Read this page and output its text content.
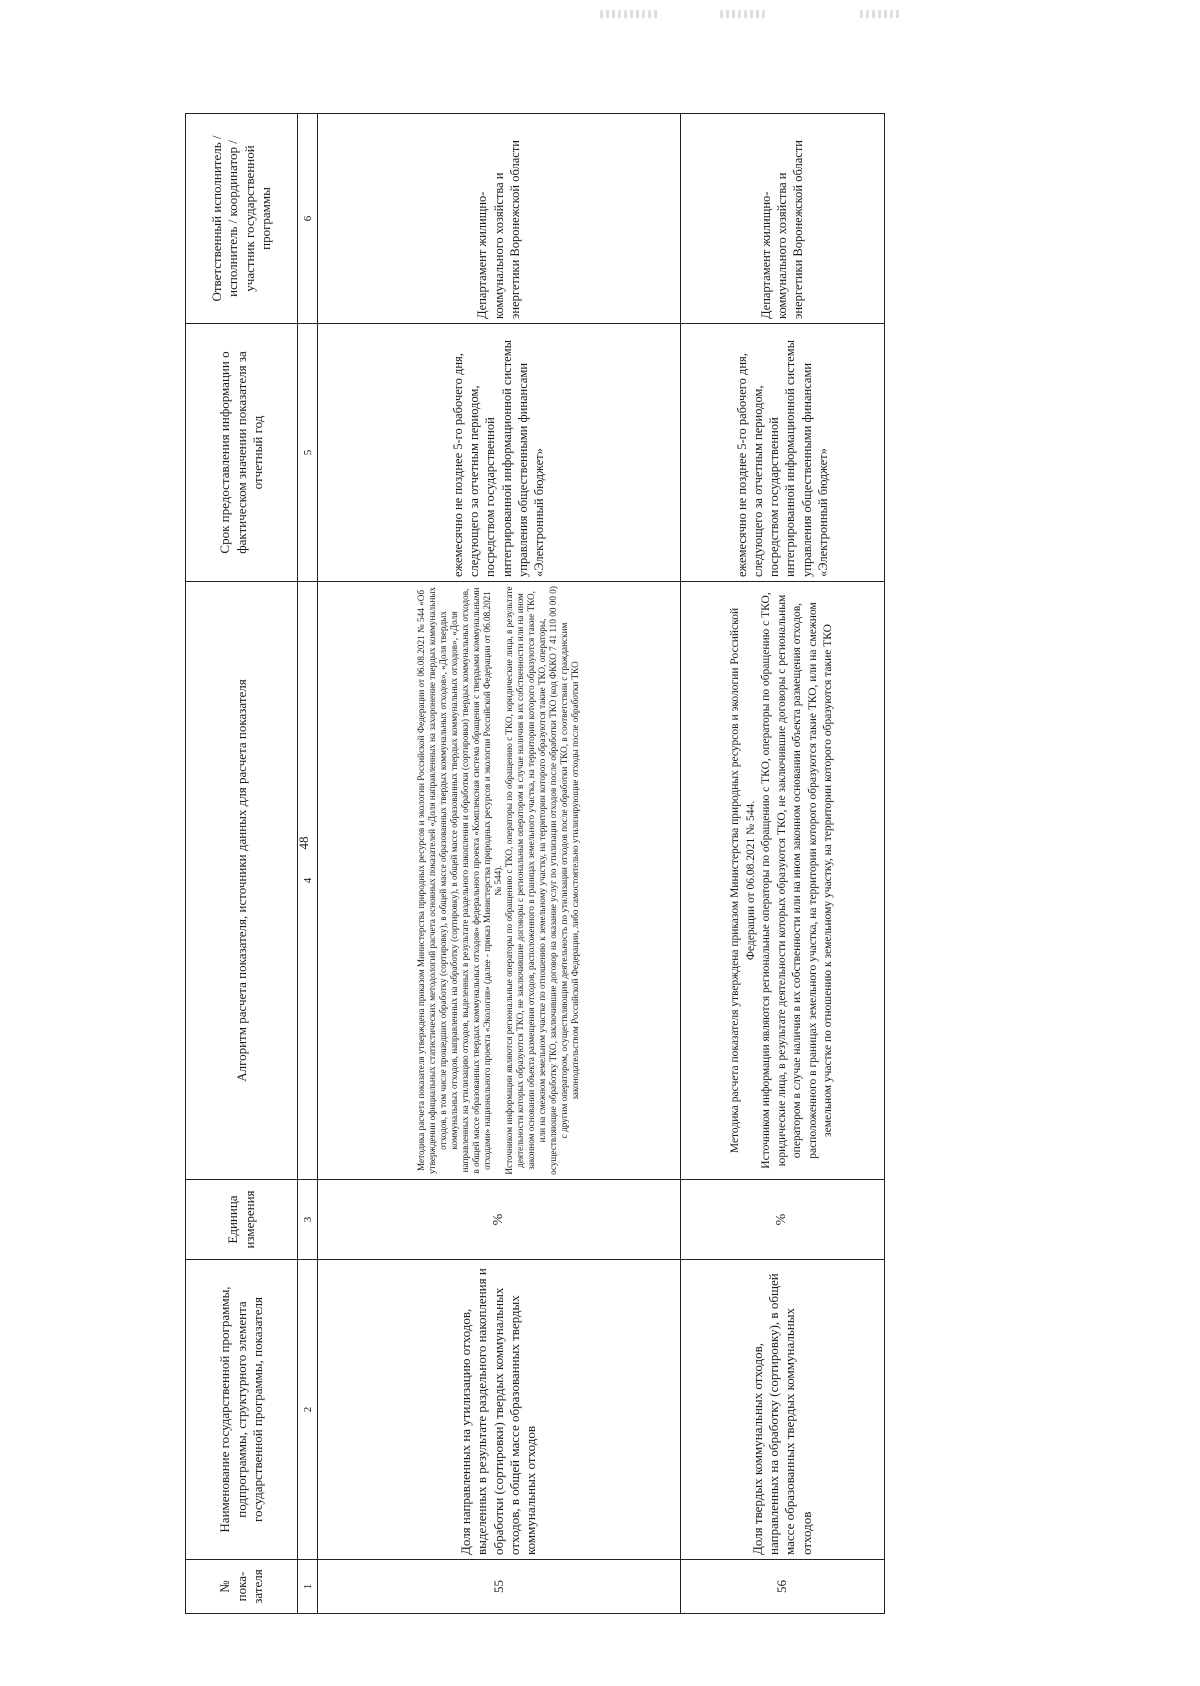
48
№ пока-зателя	Наименование государственной программы, подпрограммы, структурного элемента государственной программы, показателя	Единица измерения	Алгоритм расчета показателя, источники данных для расчета показателя	Срок предоставления информации о фактическом значении показателя за отчетный год	Ответственный исполнитель / исполнитель / координатор / участник государственной программы
1	2	3	4	5	6
55	Доля направленных на утилизацию отходов, выделенных в результате раздельного накопления и обработки (сортировки) твердых коммунальных отходов, в общей массе образованных твердых коммунальных отходов	%	Методика расчета показателя утверждена приказом Министерства природных ресурсов и экологии Российской Федерации от 06.08.2021 № 544 «Об утверждении официальных статистических методологий расчета основных показателей «Доля направленных на захоронение твердых коммунальных отходов, в том числе прошедших обработку (сортировку), в общей массе образованных твердых коммунальных отходов», «Доля твердых коммунальных отходов, направленных на обработку (сортировку), в общей массе образованных твердых коммунальных отходов», «Доля направленных на утилизацию отходов, выделенных в результате раздельного накопления и обработки (сортировки) твердых коммунальных отходов, в общей массе образованных твердых коммунальных отходов» федерального проекта «Комплексная система обращения с твердыми коммунальными отходами» национального проекта «Экология» (далее - приказ Министерства природных ресурсов и экологии Российской Федерации от 06.08.2021 № 544). Источником информации являются региональные операторы по обращению с ТКО, операторы по обращению с ТКО, юридические лица, в результате деятельности которых образуются ТКО, не заключившие договоры с региональным оператором в случае наличия в их собственности или на ином законном основании объекта размещения отходов, расположенного в границах земельного участка, на территории которого образуются такие ТКО, или на смежном земельном участке по отношению к земельному участку, на территории которого образуются такие ТКО, операторы, осуществляющие обработку ТКО, заключившие договор на оказание услуг по утилизации отходов после обработки ТКО (код ФККО 7 41 110 00 00 0) с другим оператором, осуществляющим деятельность по утилизации отходов после обработки ТКО, в соответствии с гражданским законодательством Российской Федерации, либо самостоятельно утилизирующие отходы после обработки ТКО	ежемесячно не позднее 5-го рабочего дня, следующего за отчетным периодом, посредством государственной интегрированной информационной системы управления общественными финансами «Электронный бюджет»	Департамент жилищно-коммунального хозяйства и энергетики Воронежской области
56	Доля твердых коммунальных отходов, направленных на обработку (сортировку), в общей массе образованных твердых коммунальных отходов	%	Методика расчета показателя утверждена приказом Министерства природных ресурсов и экологии Российской Федерации от 06.08.2021 № 544. Источником информации являются региональные операторы по обращению с ТКО, операторы по обращению с ТКО, юридические лица, в результате деятельности которых образуются ТКО, не заключившие договоры с региональным оператором в случае наличия в их собственности или на ином законном основании объекта размещения отходов, расположенного в границах земельного участка, на территории которого образуются такие ТКО, или на смежном земельном участке по отношению к земельному участку, на территории которого образуются такие ТКО	ежемесячно не позднее 5-го рабочего дня, следующего за отчетным периодом, посредством государственной интегрированной информационной системы управления общественными финансами «Электронный бюджет»	Департамент жилищно-коммунального хозяйства и энергетики Воронежской области
